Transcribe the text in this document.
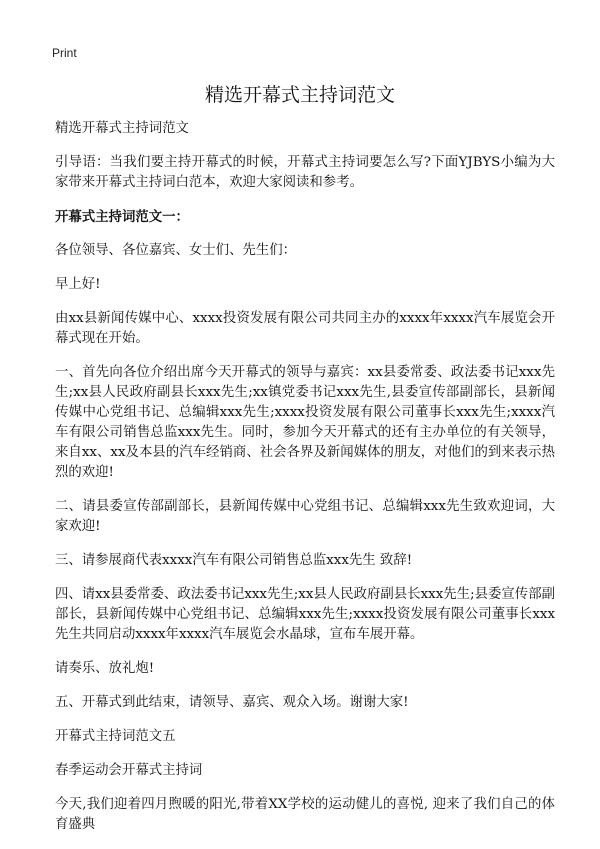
Print
精选开幕式主持词范文

精选开幕式主持词范文

引导语：当我们要主持开幕式的时候，开幕式主持词要怎么写?下面YJBYS小编为大家带来开幕式主持词白范本，欢迎大家阅读和参考。

开幕式主持词范文一：

各位领导、各位嘉宾、女士们、先生们：

早上好!

由xx县新闻传媒中心、xxxx投资发展有限公司共同主办的xxxx年xxxx汽车展览会开幕式现在开始。

一、首先向各位介绍出席今天开幕式的领导与嘉宾：xx县委常委、政法委书记xxx先生;xx县人民政府副县长xxx先生;xx镇党委书记xxx先生,县委宣传部副部长，县新闻传媒中心党组书记、总编辑xxx先生;xxxx投资发展有限公司董事长xxx先生;xxxx汽车有限公司销售总监xxx先生。同时，参加今天开幕式的还有主办单位的有关领导，来自xx、xx及本县的汽车经销商、社会各界及新闻媒体的朋友，对他们的到来表示热烈的欢迎!

二、请县委宣传部副部长，县新闻传媒中心党组书记、总编辑xxx先生致欢迎词，大家欢迎!

三、请参展商代表xxxx汽车有限公司销售总监xxx先生 致辞!

四、请xx县委常委、政法委书记xxx先生;xx县人民政府副县长xxx先生;县委宣传部副部长，县新闻传媒中心党组书记、总编辑xxx先生;xxxx投资发展有限公司董事长xxx先生共同启动xxxx年xxxx汽车展览会水晶球，宣布车展开幕。

请奏乐、放礼炮!

五、开幕式到此结束，请领导、嘉宾、观众入场。谢谢大家!

开幕式主持词范文五

春季运动会开幕式主持词

今天,我们迎着四月煦暖的阳光,带着XX学校的运动健儿的喜悦, 迎来了我们自己的体育盛典
